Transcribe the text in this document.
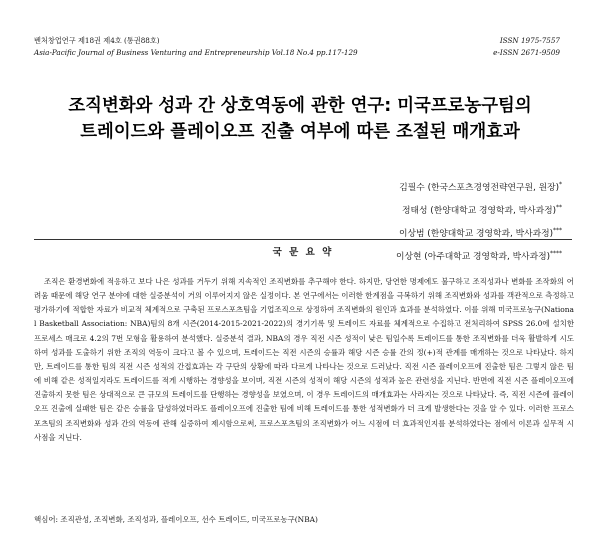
벤처창업연구 제18권 제4호 (통권88호)
Asia-Pacific Journal of Business Venturing and Entrepreneurship Vol.18 No.4 pp.117-129
ISSN 1975-7557
e-ISSN 2671-9509
조직변화와 성과 간 상호역동에 관한 연구: 미국프로농구팀의
트레이드와 플레이오프 진출 여부에 따른 조절된 매개효과
김필수 (한국스포츠경영전략연구원, 원장)*
정태성 (한양대학교 경영학과, 박사과정)**
이상범 (한양대학교 경영학과, 박사과정)***
이상현 (아주대학교 경영학과, 박사과정)****
국 문 요 약
조직은 환경변화에 적응하고 보다 나은 성과를 거두기 위해 지속적인 조직변화를 추구해야 한다. 하지만, 당연한 명제에도 불구하고 조직성과나 변화를 조작화의 어려움 때문에 해당 연구 분야에 대한 실증분석이 거의 이루어지지 않은 실정이다. 본 연구에서는 이러한 한계점을 극복하기 위해 조직변화와 성과를 객관적으로 측정하고 평가하기에 적합한 자료가 비교적 체계적으로 구축된 프로스포츠팀을 기업조직으로 상정하여 조직변화의 원인과 효과를 분석하였다. 이를 위해 미국프로농구(National Basketball Association: NBA)팀의 8개 시즌(2014-2015-2021-2022)의 경기기록 및 트레이드 자료를 체계적으로 수집하고 전처리하여 SPSS 26.0에 설치한 프로세스 매크로 4.2의 7번 모형을 활용하여 분석했다. 실증분석 결과, NBA의 경우 직전 시즌 성적이 낮은 팀일수록 트레이드를 통한 조직변화를 더욱 활발하게 시도하여 성과를 도출하기 위한 조직의 역동이 크다고 볼 수 있으며, 트레이드는 직전 시즌의 승률과 해당 시즌 승률 간의 정(+)적 관계를 매개하는 것으로 나타났다. 하지만, 트레이드를 통한 팀의 직전 시즌 성적의 간접효과는 각 구단의 상황에 따라 다르게 나타나는 것으로 드러났다. 직전 시즌 플레이오프에 진출한 팀은 그렇지 않은 팀에 비해 같은 성적일지라도 트레이드를 적게 시행하는 경향성을 보이며, 직전 시즌의 성적이 해당 시즌의 성적과 높은 관련성을 지닌다. 반면에 직전 시즌 플레이오프에 진출하지 못한 팀은 상대적으로 큰 규모의 트레이드를 단행하는 경향성을 보였으며, 이 경우 트레이드의 매개효과는 사라지는 것으로 나타났다. 즉, 직전 시즌에 플레이오프 진출에 실패한 팀은 같은 승률을 달성하였더라도 플레이오프에 진출한 팀에 비해 트레이드를 통한 성적변화가 더 크게 발생한다는 것을 알 수 있다. 이러한 프로스포츠팀의 조직변화와 성과 간의 역동에 관해 실증하여 제시함으로써, 프로스포츠팀의 조직변화가 어느 시점에 더 효과적인지를 분석하였다는 점에서 이론과 실무적 시사점을 지닌다.
핵심어: 조직관성, 조직변화, 조직성과, 플레이오프, 선수 트레이드, 미국프로농구(NBA)
